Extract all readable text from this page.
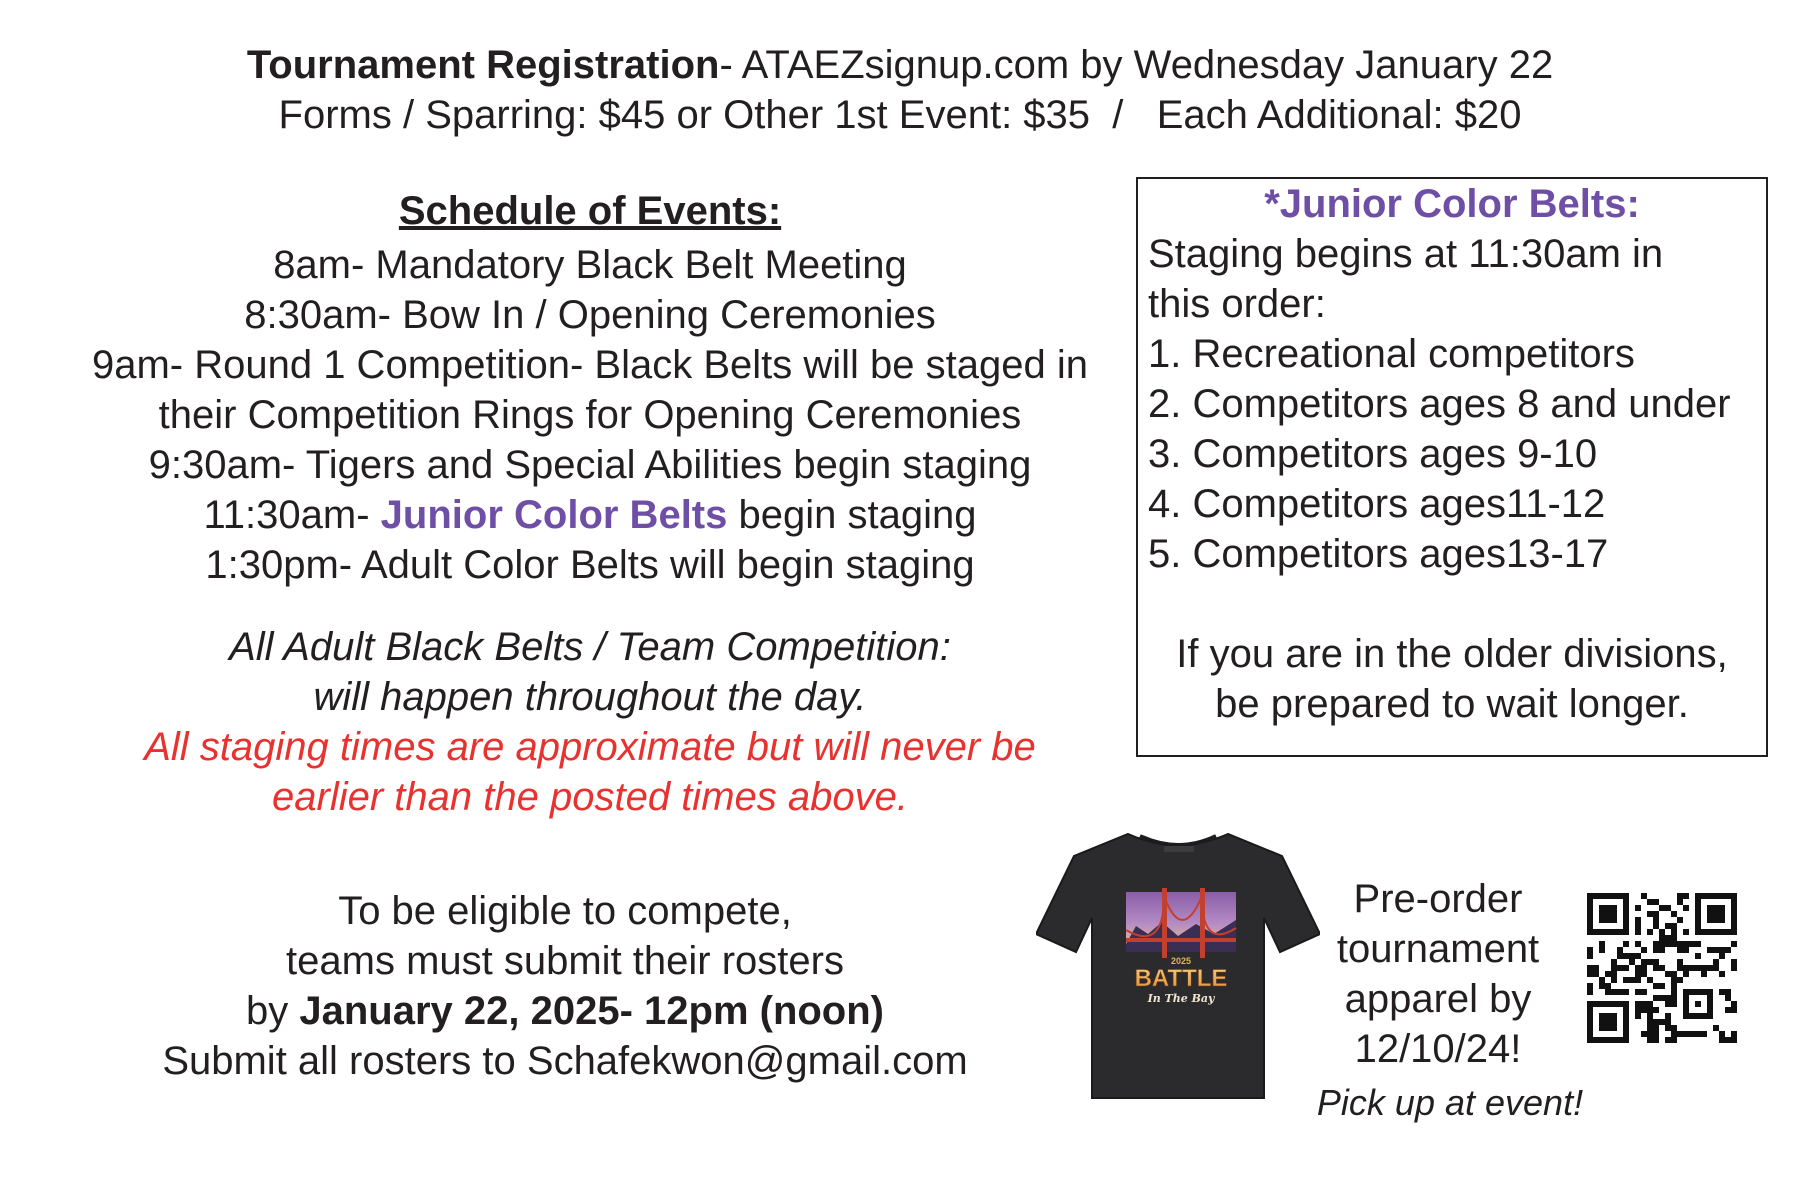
Tournament Registration- ATAEZsignup.com by Wednesday January 22
Forms / Sparring: $45 or Other 1st Event: $35  /   Each Additional: $20
Schedule of Events:
8am- Mandatory Black Belt Meeting
8:30am- Bow In / Opening Ceremonies
9am- Round 1 Competition- Black Belts will be staged in
their Competition Rings for Opening Ceremonies
9:30am- Tigers and Special Abilities begin staging
11:30am- Junior Color Belts begin staging
1:30pm- Adult Color Belts will begin staging
All Adult Black Belts / Team Competition:
will happen throughout the day.
All staging times are approximate but will never be
earlier than the posted times above.
*Junior Color Belts:
Staging begins at 11:30am in
this order:
1. Recreational competitors
2. Competitors ages 8 and under
3. Competitors ages 9-10
4. Competitors ages11-12
5. Competitors ages13-17
If you are in the older divisions,
be prepared to wait longer.
To be eligible to compete,
teams must submit their rosters
by January 22, 2025- 12pm (noon)
Submit all rosters to Schafekwon@gmail.com
2025
BATTLE
In The Bay
Pre-order
tournament
apparel by
12/10/24!
Pick up at event!
